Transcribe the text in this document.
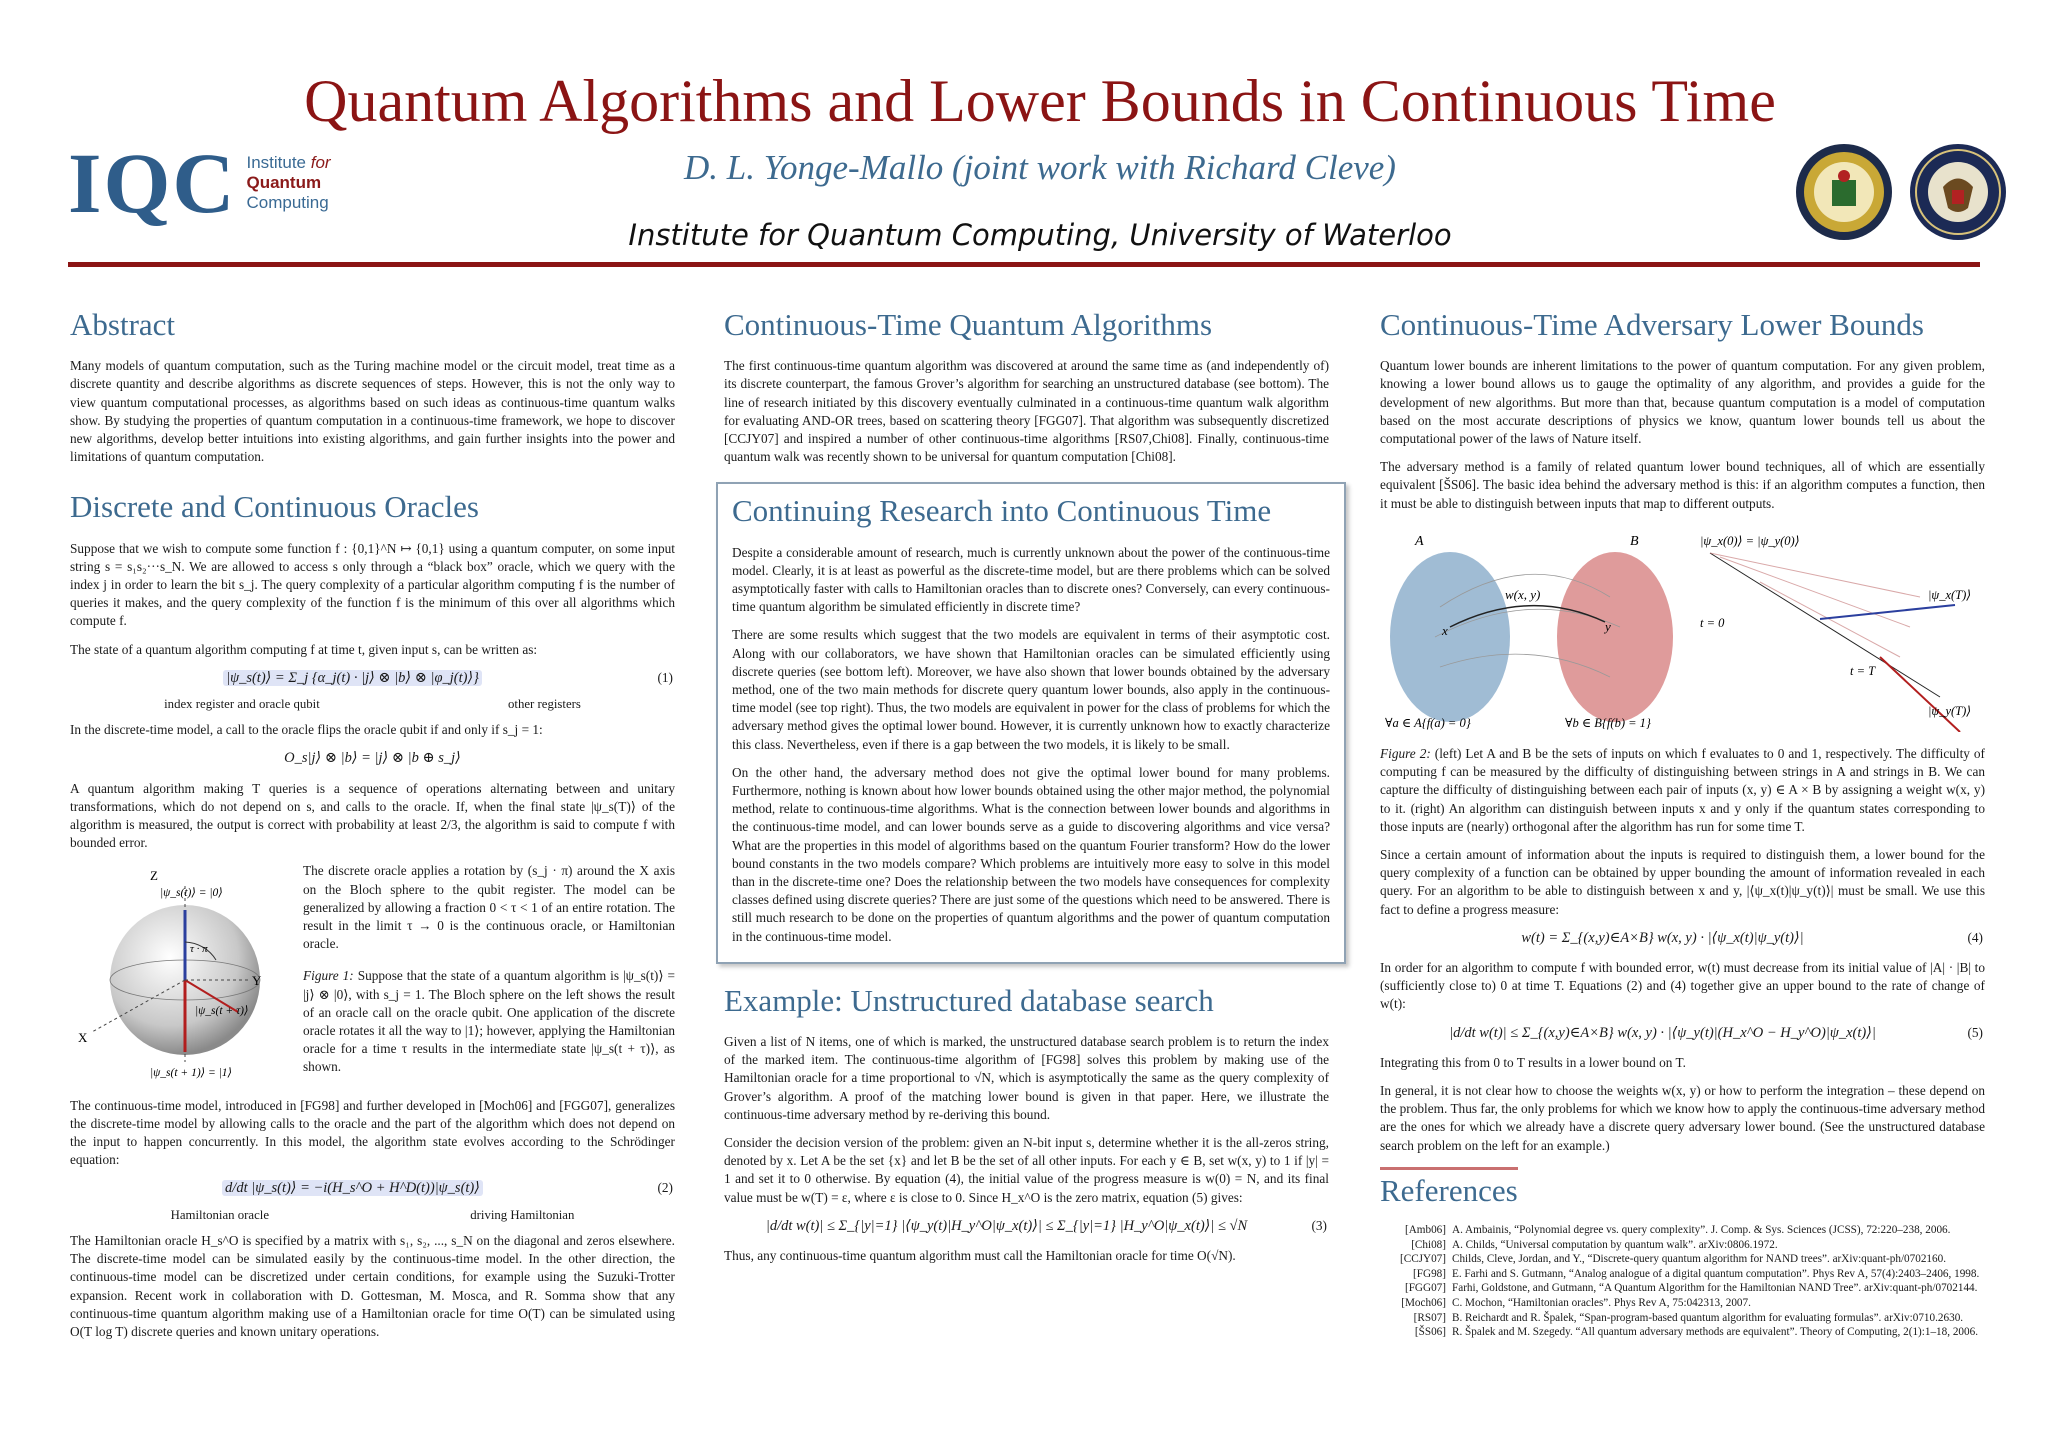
IQC Institute for
Quantum
Computing
Quantum Algorithms and Lower Bounds in Continuous Time
D. L. Yonge-Mallo (joint work with Richard Cleve)
Institute for Quantum Computing, University of Waterloo
Abstract

Many models of quantum computation, such as the Turing machine model or the circuit model, treat time as a discrete quantity and describe algorithms as discrete sequences of steps. However, this is not the only way to view quantum computational processes, as algorithms based on such ideas as continuous-time quantum walks show. By studying the properties of quantum computation in a continuous-time framework, we hope to discover new algorithms, develop better intuitions into existing algorithms, and gain further insights into the power and limitations of quantum computation.

Discrete and Continuous Oracles

Suppose that we wish to compute some function f : {0,1}^N ↦ {0,1} using a quantum computer, on some input string s = s₁s₂···s_N. We are allowed to access s only through a “black box” oracle, which we query with the index j in order to learn the bit s_j. The query complexity of a particular algorithm computing f is the number of queries it makes, and the query complexity of the function f is the minimum of this over all algorithms which compute f.

The state of a quantum algorithm computing f at time t, given input s, can be written as:

|ψ_s(t)⟩ = Σ_j {α_j(t) · |j⟩ ⊗ |b⟩ ⊗ |φ_j(t)⟩}	(1)
index register and oracle qubit	other registers

In the discrete-time model, a call to the oracle flips the oracle qubit if and only if s_j = 1:

O_s|j⟩ ⊗ |b⟩ = |j⟩ ⊗ |b ⊕ s_j⟩

A quantum algorithm making T queries is a sequence of operations alternating between and unitary transformations, which do not depend on s, and calls to the oracle. If, when the final state |ψ_s(T)⟩ of the algorithm is measured, the output is correct with probability at least 2/3, the algorithm is said to compute f with bounded error.

Z
|ψ_s(t)⟩ = |0⟩
τ · π
Y
X
|ψ_s(t + τ)⟩
|ψ_s(t + 1)⟩ = |1⟩

The discrete oracle applies a rotation by (s_j · π) around the X axis on the Bloch sphere to the qubit register. The model can be generalized by allowing a fraction 0 < τ < 1 of an entire rotation. The result in the limit τ → 0 is the continuous oracle, or Hamiltonian oracle.

Figure 1: Suppose that the state of a quantum algorithm is |ψ_s(t)⟩ = |j⟩ ⊗ |0⟩, with s_j = 1. The Bloch sphere on the left shows the result of an oracle call on the oracle qubit. One application of the discrete oracle rotates it all the way to |1⟩; however, applying the Hamiltonian oracle for a time τ results in the intermediate state |ψ_s(t + τ)⟩, as shown.

The continuous-time model, introduced in [FG98] and further developed in [Moch06] and [FGG07], generalizes the discrete-time model by allowing calls to the oracle and the part of the algorithm which does not depend on the input to happen concurrently. In this model, the algorithm state evolves according to the Schrödinger equation:

d/dt |ψ_s(t)⟩ = −i(H_s^O + H^D(t))|ψ_s(t)⟩	(2)
Hamiltonian oracle	driving Hamiltonian

The Hamiltonian oracle H_s^O is specified by a matrix with s₁, s₂, ..., s_N on the diagonal and zeros elsewhere. The discrete-time model can be simulated easily by the continuous-time model. In the other direction, the continuous-time model can be discretized under certain conditions, for example using the Suzuki-Trotter expansion. Recent work in collaboration with D. Gottesman, M. Mosca, and R. Somma show that any continuous-time quantum algorithm making use of a Hamiltonian oracle for time O(T) can be simulated using O(T log T) discrete queries and known unitary operations.

Continuous-Time Quantum Algorithms

The first continuous-time quantum algorithm was discovered at around the same time as (and independently of) its discrete counterpart, the famous Grover’s algorithm for searching an unstructured database (see bottom). The line of research initiated by this discovery eventually culminated in a continuous-time quantum walk algorithm for evaluating AND-OR trees, based on scattering theory [FGG07]. That algorithm was subsequently discretized [CCJY07] and inspired a number of other continuous-time algorithms [RS07,Chi08]. Finally, continuous-time quantum walk was recently shown to be universal for quantum computation [Chi08].

Continuing Research into Continuous Time

Despite a considerable amount of research, much is currently unknown about the power of the continuous-time model. Clearly, it is at least as powerful as the discrete-time model, but are there problems which can be solved asymptotically faster with calls to Hamiltonian oracles than to discrete ones? Conversely, can every continuous-time quantum algorithm be simulated efficiently in discrete time?

There are some results which suggest that the two models are equivalent in terms of their asymptotic cost. Along with our collaborators, we have shown that Hamiltonian oracles can be simulated efficiently using discrete queries (see bottom left). Moreover, we have also shown that lower bounds obtained by the adversary method, one of the two main methods for discrete query quantum lower bounds, also apply in the continuous-time model (see top right). Thus, the two models are equivalent in power for the class of problems for which the adversary method gives the optimal lower bound. However, it is currently unknown how to exactly characterize this class. Nevertheless, even if there is a gap between the two models, it is likely to be small.

On the other hand, the adversary method does not give the optimal lower bound for many problems. Furthermore, nothing is known about how lower bounds obtained using the other major method, the polynomial method, relate to continuous-time algorithms. What is the connection between lower bounds and algorithms in the continuous-time model, and can lower bounds serve as a guide to discovering algorithms and vice versa? What are the properties in this model of algorithms based on the quantum Fourier transform? How do the lower bound constants in the two models compare? Which problems are intuitively more easy to solve in this model than in the discrete-time one? Does the relationship between the two models have consequences for complexity classes defined using discrete queries? There are just some of the questions which need to be answered. There is still much research to be done on the properties of quantum algorithms and the power of quantum computation in the continuous-time model.

Example: Unstructured database search

Given a list of N items, one of which is marked, the unstructured database search problem is to return the index of the marked item. The continuous-time algorithm of [FG98] solves this problem by making use of the Hamiltonian oracle for a time proportional to √N, which is asymptotically the same as the query complexity of Grover’s algorithm. A proof of the matching lower bound is given in that paper. Here, we illustrate the continuous-time adversary method by re-deriving this bound.

Consider the decision version of the problem: given an N-bit input s, determine whether it is the all-zeros string, denoted by x. Let A be the set {x} and let B be the set of all other inputs. For each y ∈ B, set w(x, y) to 1 if |y| = 1 and set it to 0 otherwise. By equation (4), the initial value of the progress measure is w(0) = N, and its final value must be w(T) = ε, where ε is close to 0. Since H_x^O is the zero matrix, equation (5) gives:

|d/dt w(t)| ≤ Σ_{|y|=1} |⟨ψ_y(t)|H_y^O|ψ_x(t)⟩| ≤ Σ_{|y|=1} |H_y^O|ψ_x(t)⟩| ≤ √N	(3)

Thus, any continuous-time quantum algorithm must call the Hamiltonian oracle for time O(√N).

Continuous-Time Adversary Lower Bounds

Quantum lower bounds are inherent limitations to the power of quantum computation. For any given problem, knowing a lower bound allows us to gauge the optimality of any algorithm, and provides a guide for the development of new algorithms. But more than that, because quantum computation is a model of computation based on the most accurate descriptions of physics we know, quantum lower bounds tell us about the computational power of the laws of Nature itself.

The adversary method is a family of related quantum lower bound techniques, all of which are essentially equivalent [ŠS06]. The basic idea behind the adversary method is this: if an algorithm computes a function, then it must be able to distinguish between inputs that map to different outputs.

A	B
w(x, y)
x	y
∀a ∈ A{f(a) = 0}	∀b ∈ B{f(b) = 1}
|ψ_x(0)⟩ = |ψ_y(0)⟩
t = 0
t = T
|ψ_x(T)⟩
|ψ_y(T)⟩

Figure 2: (left) Let A and B be the sets of inputs on which f evaluates to 0 and 1, respectively. The difficulty of computing f can be measured by the difficulty of distinguishing between strings in A and strings in B. We can capture the difficulty of distinguishing between each pair of inputs (x, y) ∈ A × B by assigning a weight w(x, y) to it. (right) An algorithm can distinguish between inputs x and y only if the quantum states corresponding to those inputs are (nearly) orthogonal after the algorithm has run for some time T.

Since a certain amount of information about the inputs is required to distinguish them, a lower bound for the query complexity of a function can be obtained by upper bounding the amount of information revealed in each query. For an algorithm to be able to distinguish between x and y, |⟨ψ_x(t)|ψ_y(t)⟩| must be small. We use this fact to define a progress measure:

w(t) = Σ_{(x,y)∈A×B} w(x, y) · |⟨ψ_x(t)|ψ_y(t)⟩|	(4)

In order for an algorithm to compute f with bounded error, w(t) must decrease from its initial value of |A| · |B| to (sufficiently close to) 0 at time T. Equations (2) and (4) together give an upper bound to the rate of change of w(t):

|d/dt w(t)| ≤ Σ_{(x,y)∈A×B} w(x, y) · |⟨ψ_y(t)|(H_x^O − H_y^O)|ψ_x(t)⟩|	(5)

Integrating this from 0 to T results in a lower bound on T.

In general, it is not clear how to choose the weights w(x, y) or how to perform the integration – these depend on the problem. Thus far, the only problems for which we know how to apply the continuous-time adversary method are the ones for which we already have a discrete query adversary lower bound. (See the unstructured database search problem on the left for an example.)

References
[Amb06] A. Ambainis, “Polynomial degree vs. query complexity”. J. Comp. & Sys. Sciences (JCSS), 72:220–238, 2006.
[Chi08] A. Childs, “Universal computation by quantum walk”. arXiv:0806.1972.
[CCJY07] Childs, Cleve, Jordan, and Y., “Discrete-query quantum algorithm for NAND trees”. arXiv:quant-ph/0702160.
[FG98] E. Farhi and S. Gutmann, “Analog analogue of a digital quantum computation”. Phys Rev A, 57(4):2403–2406, 1998.
[FGG07] Farhi, Goldstone, and Gutmann, “A Quantum Algorithm for the Hamiltonian NAND Tree”. arXiv:quant-ph/0702144.
[Moch06] C. Mochon, “Hamiltonian oracles”. Phys Rev A, 75:042313, 2007.
[RS07] B. Reichardt and R. Špalek, “Span-program-based quantum algorithm for evaluating formulas”. arXiv:0710.2630.
[ŠS06] R. Špalek and M. Szegedy. “All quantum adversary methods are equivalent”. Theory of Computing, 2(1):1–18, 2006.
